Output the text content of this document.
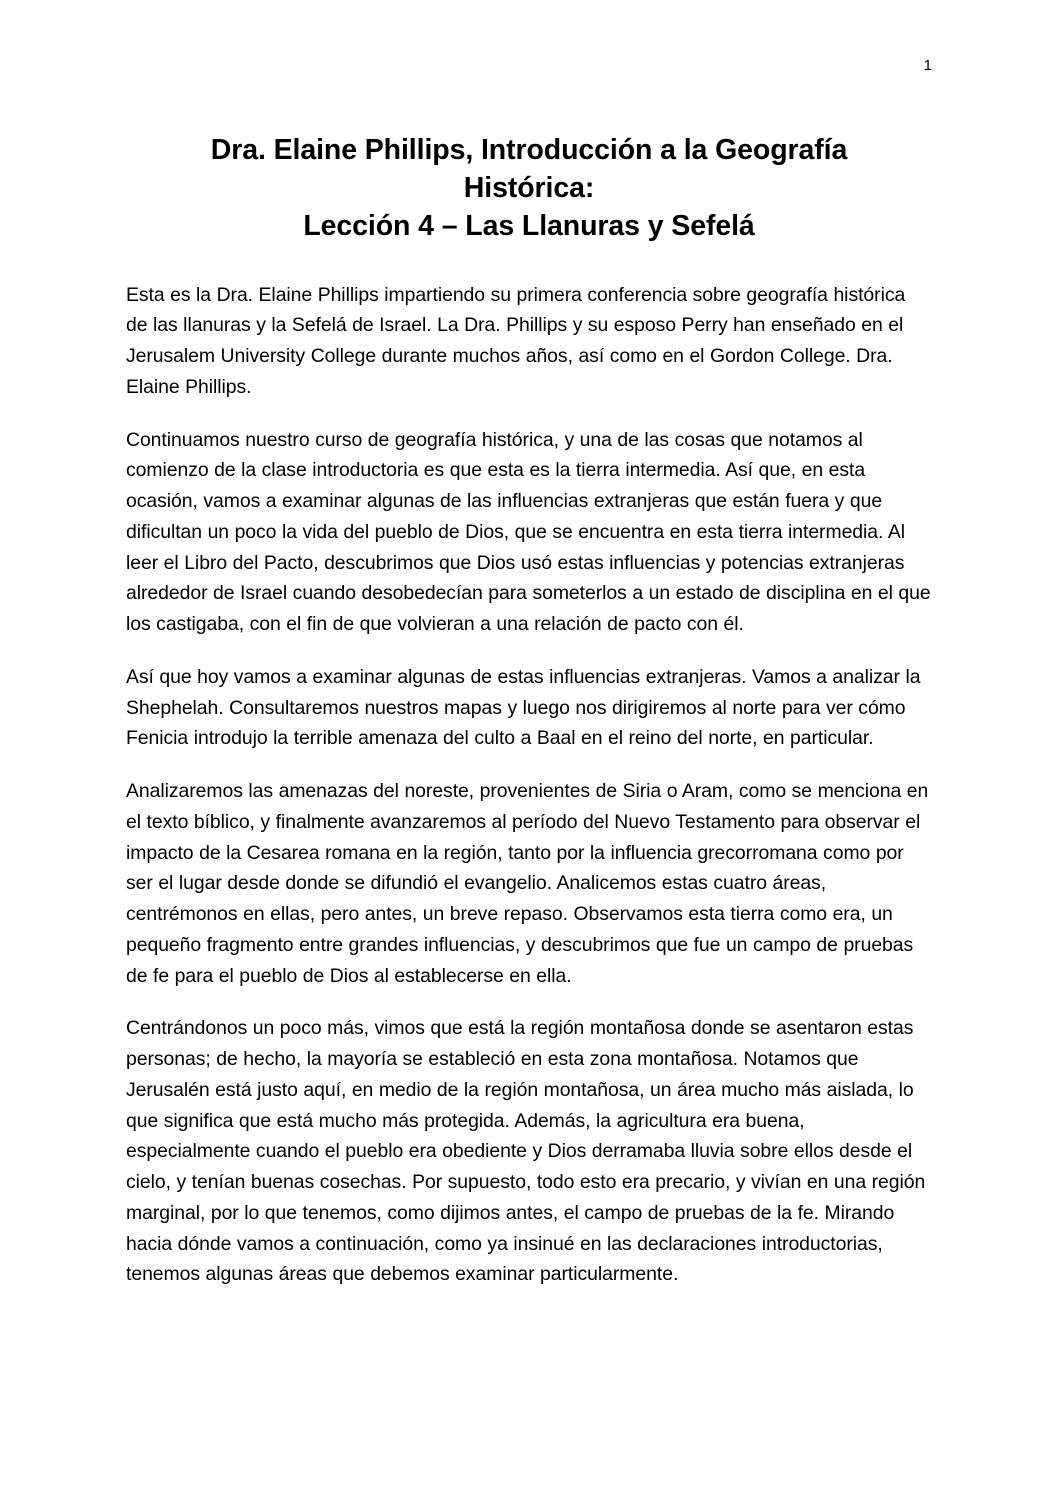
1
Dra. Elaine Phillips, Introducción a la Geografía
Histórica:
Lección 4 – Las Llanuras y Sefelá

Esta es la Dra. Elaine Phillips impartiendo su primera conferencia sobre geografía histórica de las llanuras y la Sefelá de Israel. La Dra. Phillips y su esposo Perry han enseñado en el Jerusalem University College durante muchos años, así como en el Gordon College. Dra. Elaine Phillips.

Continuamos nuestro curso de geografía histórica, y una de las cosas que notamos al comienzo de la clase introductoria es que esta es la tierra intermedia. Así que, en esta ocasión, vamos a examinar algunas de las influencias extranjeras que están fuera y que dificultan un poco la vida del pueblo de Dios, que se encuentra en esta tierra intermedia. Al leer el Libro del Pacto, descubrimos que Dios usó estas influencias y potencias extranjeras alrededor de Israel cuando desobedecían para someterlos a un estado de disciplina en el que los castigaba, con el fin de que volvieran a una relación de pacto con él.

Así que hoy vamos a examinar algunas de estas influencias extranjeras. Vamos a analizar la Shephelah. Consultaremos nuestros mapas y luego nos dirigiremos al norte para ver cómo Fenicia introdujo la terrible amenaza del culto a Baal en el reino del norte, en particular.

Analizaremos las amenazas del noreste, provenientes de Siria o Aram, como se menciona en el texto bíblico, y finalmente avanzaremos al período del Nuevo Testamento para observar el impacto de la Cesarea romana en la región, tanto por la influencia grecorromana como por ser el lugar desde donde se difundió el evangelio. Analicemos estas cuatro áreas, centrémonos en ellas, pero antes, un breve repaso. Observamos esta tierra como era, un pequeño fragmento entre grandes influencias, y descubrimos que fue un campo de pruebas de fe para el pueblo de Dios al establecerse en ella.

Centrándonos un poco más, vimos que está la región montañosa donde se asentaron estas personas; de hecho, la mayoría se estableció en esta zona montañosa. Notamos que Jerusalén está justo aquí, en medio de la región montañosa, un área mucho más aislada, lo que significa que está mucho más protegida. Además, la agricultura era buena, especialmente cuando el pueblo era obediente y Dios derramaba lluvia sobre ellos desde el cielo, y tenían buenas cosechas. Por supuesto, todo esto era precario, y vivían en una región marginal, por lo que tenemos, como dijimos antes, el campo de pruebas de la fe. Mirando hacia dónde vamos a continuación, como ya insinué en las declaraciones introductorias, tenemos algunas áreas que debemos examinar particularmente.
